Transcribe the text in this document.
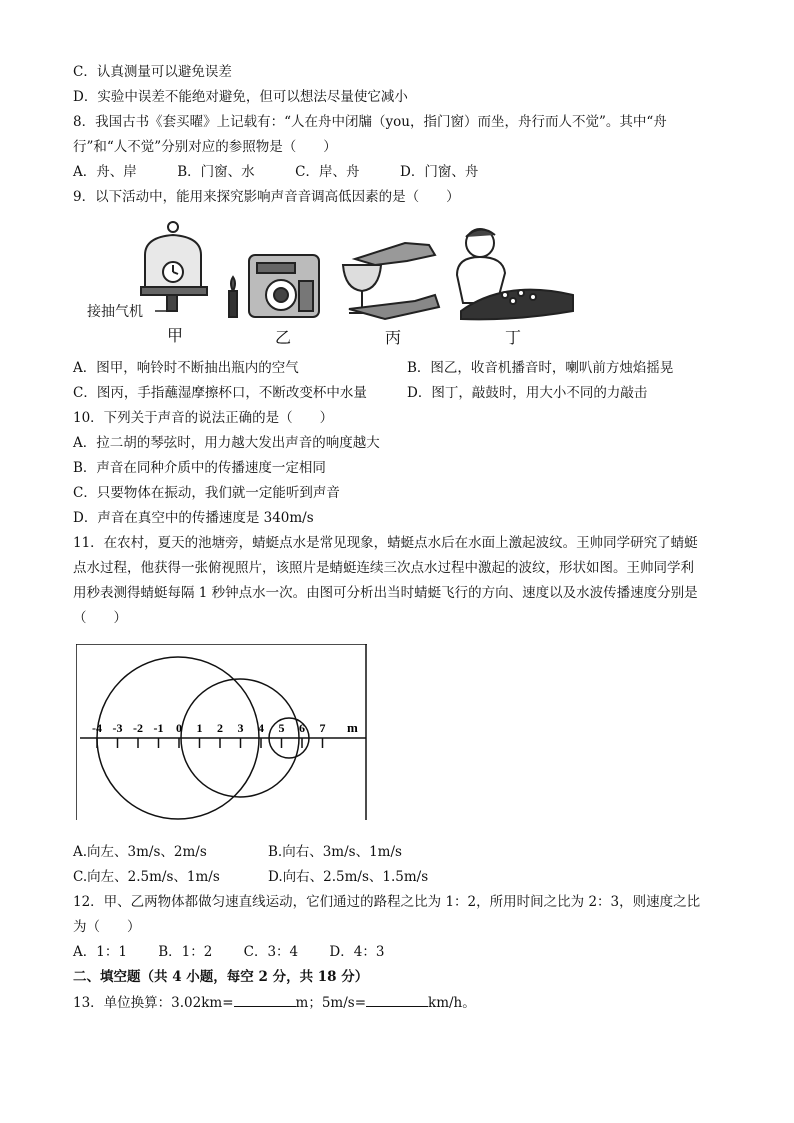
C．认真测量可以避免误差
D．实验中误差不能绝对避免，但可以想法尽量使它减小
8．我国古书《套买曜》上记载有：“人在舟中闭牖（you，指门窗）而坐，舟行而人不觉”。其中“舟
行”和“人不觉”分别对应的参照物是（　　）
A．舟、岸　　　B．门窗、水　　　C．岸、舟　　　D．门窗、舟
9．以下活动中，能用来探究影响声音音调高低因素的是（　　）
接抽气机
甲	乙	丙	丁
A．图甲，响铃时不断抽出瓶内的空气	B．图乙，收音机播音时，喇叭前方烛焰摇晃
C．图丙，手指蘸湿摩擦杯口，不断改变杯中水量	D．图丁，敲鼓时，用大小不同的力敲击
10．下列关于声音的说法正确的是（　　）
A．拉二胡的琴弦时，用力越大发出声音的响度越大
B．声音在同种介质中的传播速度一定相同
C．只要物体在振动，我们就一定能听到声音
D．声音在真空中的传播速度是 340m/s
11．在农村，夏天的池塘旁，蜻蜓点水是常见现象，蜻蜓点水后在水面上激起波纹。王帅同学研究了蜻蜓
点水过程，他获得一张俯视照片，该照片是蜻蜓连续三次点水过程中激起的波纹，形状如图。王帅同学利
用秒表测得蜻蜓每隔 1 秒钟点水一次。由图可分析出当时蜻蜓飞行的方向、速度以及水波传播速度分别是
（　　）
-4 -3 -2 -1 0 1 2 3 4 5 6 7 m
A.向左、3m/s、2m/s	B.向右、3m/s、1m/s
C.向左、2.5m/s、1m/s	D.向右、2.5m/s、1.5m/s
12．甲、乙两物体都做匀速直线运动，它们通过的路程之比为 1：2，所用时间之比为 2：3，则速度之比
为（　　）
A．1：1　　 B．1：2　　 C．3：4　　 D．4：3
二、填空题（共 4 小题，每空 2 分，共 18 分）
13．单位换算：3.02km=	m；5m/s=	km/h。
